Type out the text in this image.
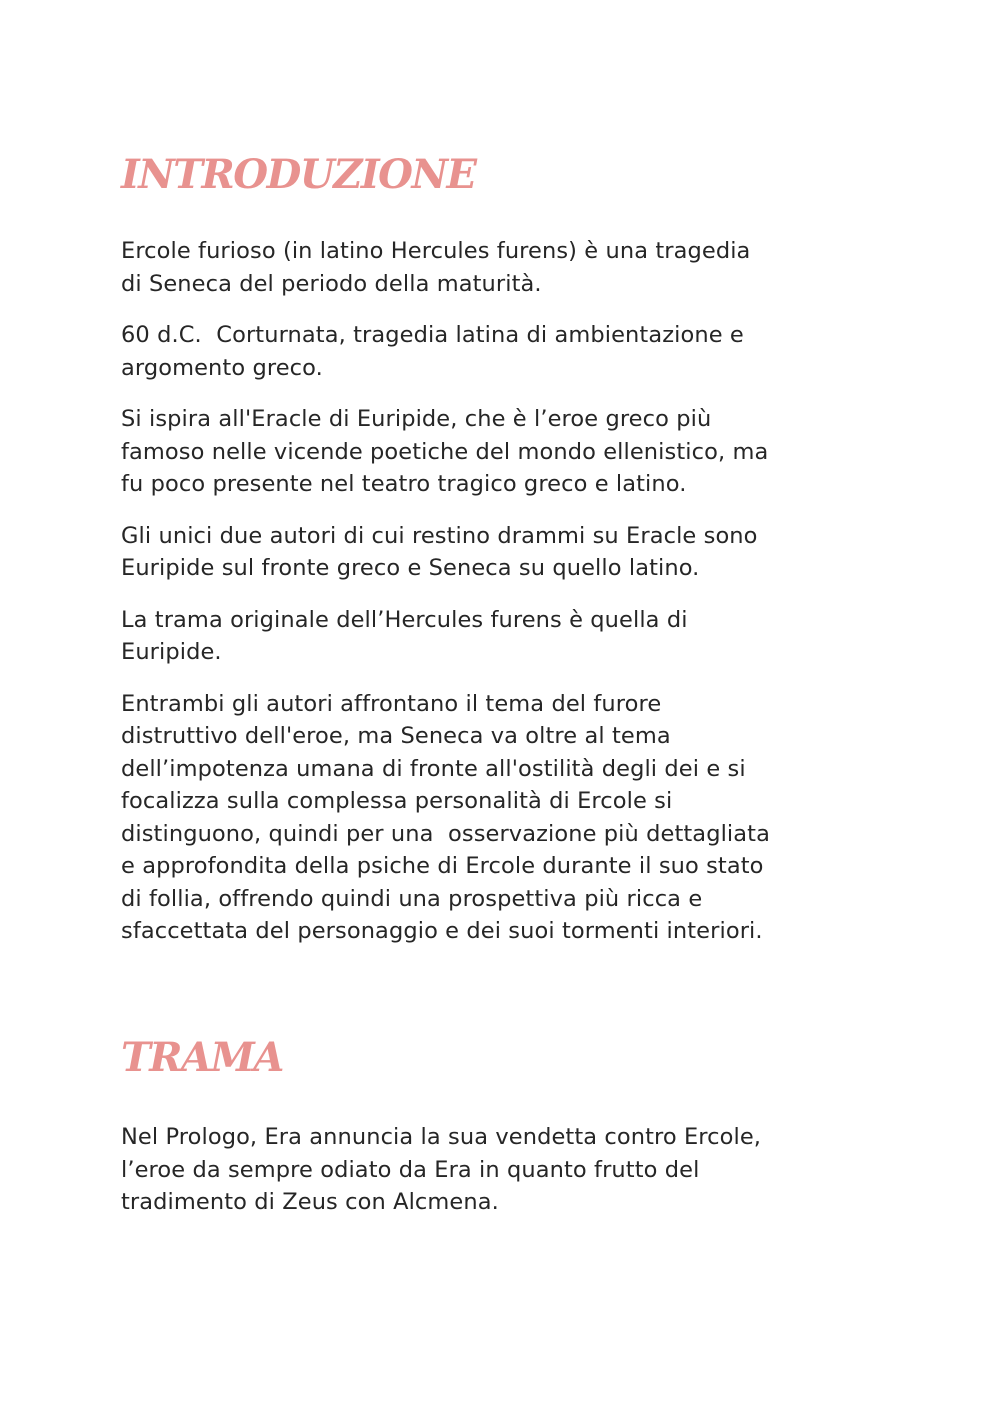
INTRODUZIONE

Ercole furioso (in latino Hercules furens) è una tragedia
di Seneca del periodo della maturità.

60 d.C.  Corturnata, tragedia latina di ambientazione e
argomento greco.

Si ispira all'Eracle di Euripide, che è l’eroe greco più
famoso nelle vicende poetiche del mondo ellenistico, ma
fu poco presente nel teatro tragico greco e latino.

Gli unici due autori di cui restino drammi su Eracle sono
Euripide sul fronte greco e Seneca su quello latino.

La trama originale dell’Hercules furens è quella di
Euripide.

Entrambi gli autori affrontano il tema del furore
distruttivo dell'eroe, ma Seneca va oltre al tema
dell’impotenza umana di fronte all'ostilità degli dei e si
focalizza sulla complessa personalità di Ercole si
distinguono, quindi per una  osservazione più dettagliata
e approfondita della psiche di Ercole durante il suo stato
di follia, offrendo quindi una prospettiva più ricca e
sfaccettata del personaggio e dei suoi tormenti interiori.

TRAMA

Nel Prologo, Era annuncia la sua vendetta contro Ercole,
l’eroe da sempre odiato da Era in quanto frutto del
tradimento di Zeus con Alcmena.
